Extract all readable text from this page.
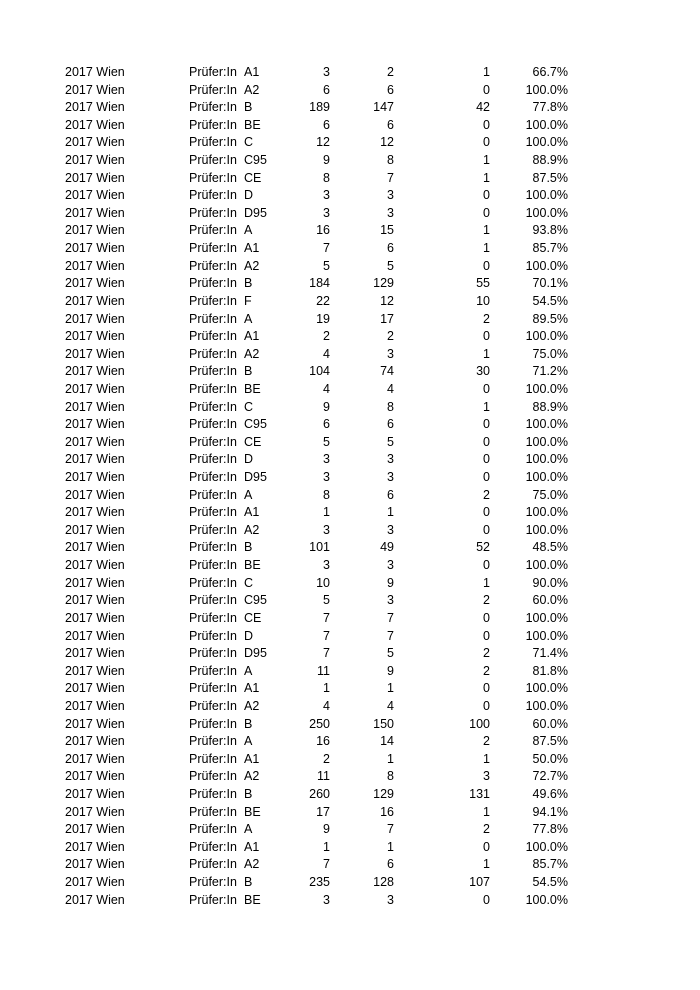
2017 Wien	Prüfer:In A1	3	2	1	66.7%
2017 Wien	Prüfer:In A2	6	6	0	100.0%
2017 Wien	Prüfer:In B	189	147	42	77.8%
2017 Wien	Prüfer:In BE	6	6	0	100.0%
2017 Wien	Prüfer:In C	12	12	0	100.0%
2017 Wien	Prüfer:In C95	9	8	1	88.9%
2017 Wien	Prüfer:In CE	8	7	1	87.5%
2017 Wien	Prüfer:In D	3	3	0	100.0%
2017 Wien	Prüfer:In D95	3	3	0	100.0%
2017 Wien	Prüfer:In A	16	15	1	93.8%
2017 Wien	Prüfer:In A1	7	6	1	85.7%
2017 Wien	Prüfer:In A2	5	5	0	100.0%
2017 Wien	Prüfer:In B	184	129	55	70.1%
2017 Wien	Prüfer:In F	22	12	10	54.5%
2017 Wien	Prüfer:In A	19	17	2	89.5%
2017 Wien	Prüfer:In A1	2	2	0	100.0%
2017 Wien	Prüfer:In A2	4	3	1	75.0%
2017 Wien	Prüfer:In B	104	74	30	71.2%
2017 Wien	Prüfer:In BE	4	4	0	100.0%
2017 Wien	Prüfer:In C	9	8	1	88.9%
2017 Wien	Prüfer:In C95	6	6	0	100.0%
2017 Wien	Prüfer:In CE	5	5	0	100.0%
2017 Wien	Prüfer:In D	3	3	0	100.0%
2017 Wien	Prüfer:In D95	3	3	0	100.0%
2017 Wien	Prüfer:In A	8	6	2	75.0%
2017 Wien	Prüfer:In A1	1	1	0	100.0%
2017 Wien	Prüfer:In A2	3	3	0	100.0%
2017 Wien	Prüfer:In B	101	49	52	48.5%
2017 Wien	Prüfer:In BE	3	3	0	100.0%
2017 Wien	Prüfer:In C	10	9	1	90.0%
2017 Wien	Prüfer:In C95	5	3	2	60.0%
2017 Wien	Prüfer:In CE	7	7	0	100.0%
2017 Wien	Prüfer:In D	7	7	0	100.0%
2017 Wien	Prüfer:In D95	7	5	2	71.4%
2017 Wien	Prüfer:In A	11	9	2	81.8%
2017 Wien	Prüfer:In A1	1	1	0	100.0%
2017 Wien	Prüfer:In A2	4	4	0	100.0%
2017 Wien	Prüfer:In B	250	150	100	60.0%
2017 Wien	Prüfer:In A	16	14	2	87.5%
2017 Wien	Prüfer:In A1	2	1	1	50.0%
2017 Wien	Prüfer:In A2	11	8	3	72.7%
2017 Wien	Prüfer:In B	260	129	131	49.6%
2017 Wien	Prüfer:In BE	17	16	1	94.1%
2017 Wien	Prüfer:In A	9	7	2	77.8%
2017 Wien	Prüfer:In A1	1	1	0	100.0%
2017 Wien	Prüfer:In A2	7	6	1	85.7%
2017 Wien	Prüfer:In B	235	128	107	54.5%
2017 Wien	Prüfer:In BE	3	3	0	100.0%
